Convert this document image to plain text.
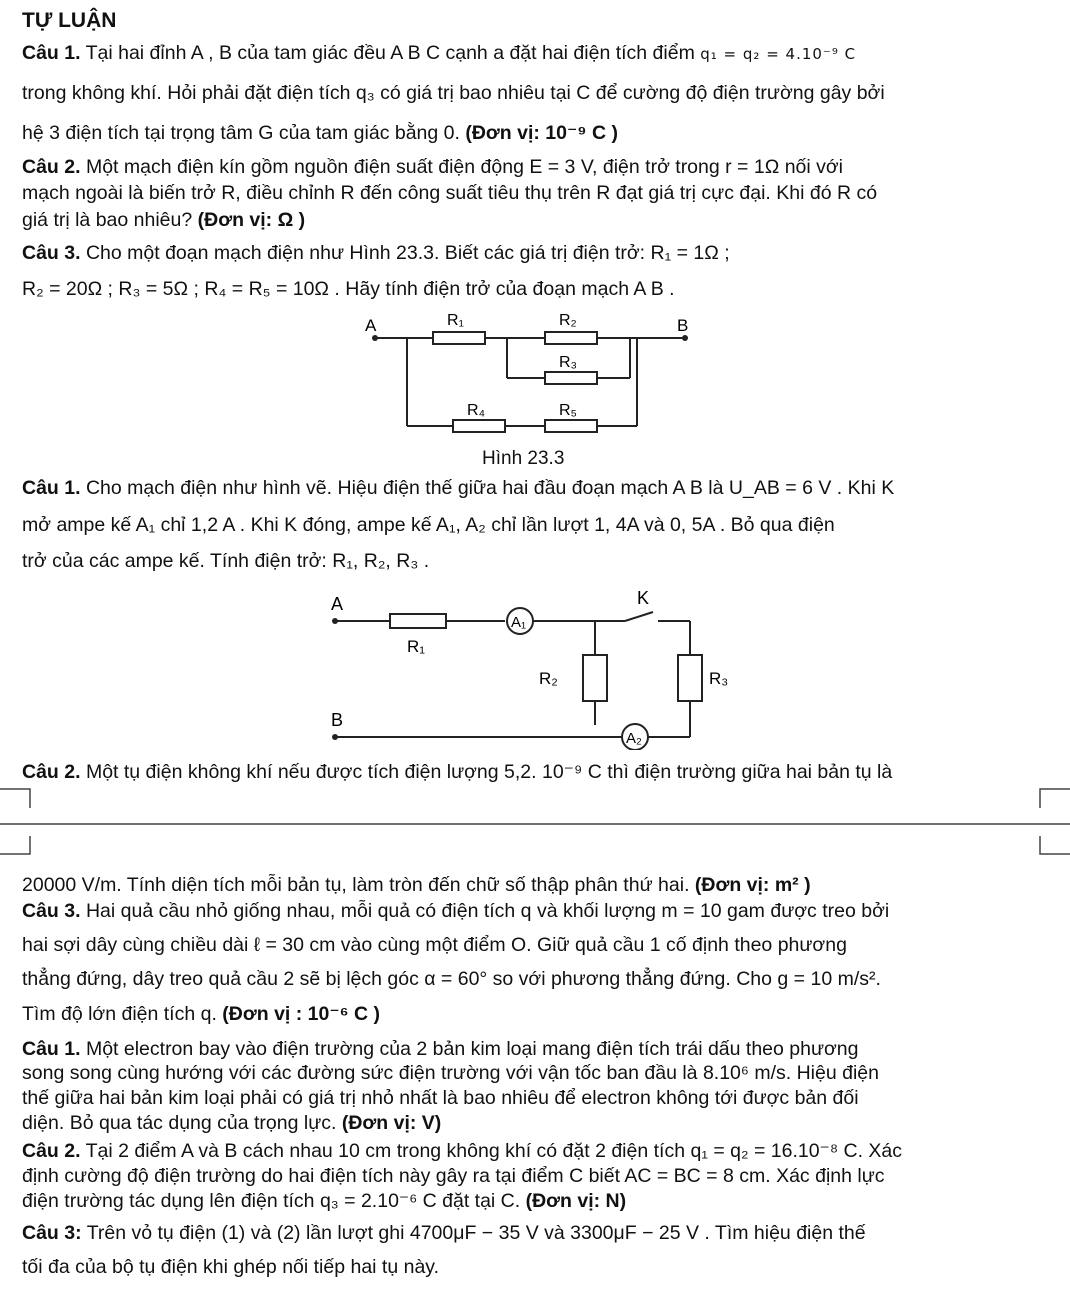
TỰ LUẬN
Câu 1. Tại hai đỉnh A , B của tam giác đều A B C cạnh a đặt hai điện tích điểm q₁ = q₂ = 4.10⁻⁹ C
trong không khí. Hỏi phải đặt điện tích q₃ có giá trị bao nhiêu tại C để cường độ điện trường gây bởi
hệ 3 điện tích tại trọng tâm G của tam giác bằng 0. (Đơn vị: 10⁻⁹ C )
Câu 2. Một mạch điện kín gồm nguồn điện suất điện động E = 3 V, điện trở trong r = 1Ω nối với
mạch ngoài là biến trở R, điều chỉnh R đến công suất tiêu thụ trên R đạt giá trị cực đại. Khi đó R có
giá trị là bao nhiêu? (Đơn vị: Ω )
Câu 3. Cho một đoạn mạch điện như Hình 23.3. Biết các giá trị điện trở: R₁ = 1Ω ;
R₂ = 20Ω ; R₃ = 5Ω ; R₄ = R₅ = 10Ω . Hãy tính điện trở của đoạn mạch A B .
A	B
R₁	R₂
R₃
R₄	R₅
Hình 23.3
Câu 1. Cho mạch điện như hình vẽ. Hiệu điện thế giữa hai đầu đoạn mạch A B là U_AB = 6 V . Khi K
mở ampe kế A₁ chỉ 1,2 A . Khi K đóng, ampe kế A₁, A₂ chỉ lần lượt 1, 4A và 0, 5A . Bỏ qua điện
trở của các ampe kế. Tính điện trở: R₁, R₂, R₃ .
A
B
K
R₁
R₂	R₃
A₁
A₂
Câu 2. Một tụ điện không khí nếu được tích điện lượng 5,2. 10⁻⁹ C thì điện trường giữa hai bản tụ là
20000 V/m. Tính diện tích mỗi bản tụ, làm tròn đến chữ số thập phân thứ hai. (Đơn vị: m² )
Câu 3. Hai quả cầu nhỏ giống nhau, mỗi quả có điện tích q và khối lượng m = 10 gam được treo bởi
hai sợi dây cùng chiều dài ℓ = 30 cm vào cùng một điểm O. Giữ quả cầu 1 cố định theo phương
thẳng đứng, dây treo quả cầu 2 sẽ bị lệch góc α = 60° so với phương thẳng đứng. Cho g = 10 m/s².
Tìm độ lớn điện tích q. (Đơn vị : 10⁻⁶ C )
Câu 1. Một electron bay vào điện trường của 2 bản kim loại mang điện tích trái dấu theo phương
song song cùng hướng với các đường sức điện trường với vận tốc ban đầu là 8.10⁶ m/s. Hiệu điện
thế giữa hai bản kim loại phải có giá trị nhỏ nhất là bao nhiêu để electron không tới được bản đối
diện. Bỏ qua tác dụng của trọng lực. (Đơn vị: V)
Câu 2. Tại 2 điểm A và B cách nhau 10 cm trong không khí có đặt 2 điện tích q₁ = q₂ = 16.10⁻⁸ C. Xác
định cường độ điện trường do hai điện tích này gây ra tại điểm C biết AC = BC = 8 cm. Xác định lực
điện trường tác dụng lên điện tích q₃ = 2.10⁻⁶ C đặt tại C. (Đơn vị: N)
Câu 3: Trên vỏ tụ điện (1) và (2) lần lượt ghi 4700μF − 35 V và 3300μF − 25 V . Tìm hiệu điện thế
tối đa của bộ tụ điện khi ghép nối tiếp hai tụ này.
